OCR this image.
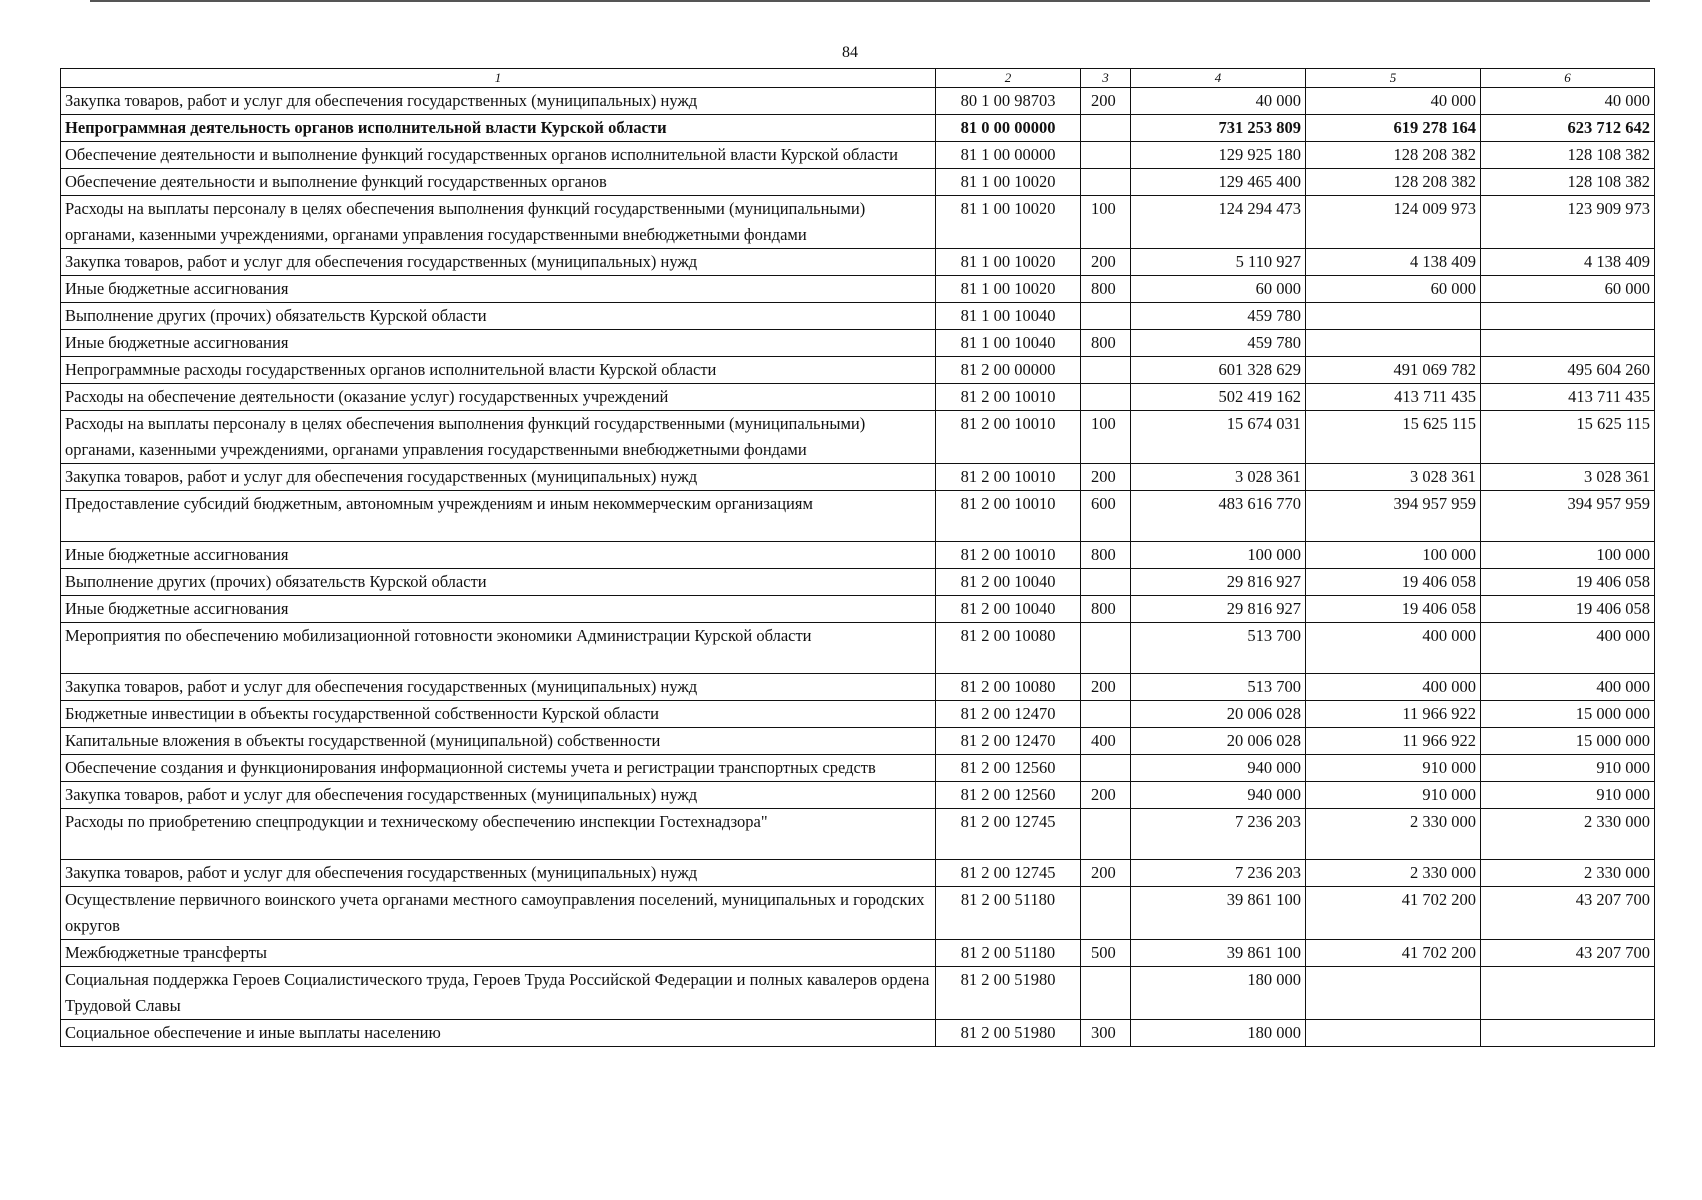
84
1	2	3	4	5	6
Закупка товаров, работ и услуг для обеспечения государственных (муниципальных) нужд	80 1 00 98703	200	40 000	40 000	40 000
Непрограммная деятельность органов исполнительной власти Курской области	81 0 00 00000		731 253 809	619 278 164	623 712 642
Обеспечение деятельности и выполнение функций государственных органов исполнительной власти Курской области	81 1 00 00000		129 925 180	128 208 382	128 108 382
Обеспечение деятельности и выполнение функций государственных органов	81 1 00 10020		129 465 400	128 208 382	128 108 382
Расходы на выплаты персоналу в целях обеспечения выполнения функций государственными (муниципальными) органами, казенными учреждениями, органами управления государственными внебюджетными фондами	81 1 00 10020	100	124 294 473	124 009 973	123 909 973
Закупка товаров, работ и услуг для обеспечения государственных (муниципальных) нужд	81 1 00 10020	200	5 110 927	4 138 409	4 138 409
Иные бюджетные ассигнования	81 1 00 10020	800	60 000	60 000	60 000
Выполнение других (прочих) обязательств Курской области	81 1 00 10040		459 780		
Иные бюджетные ассигнования	81 1 00 10040	800	459 780		
Непрограммные расходы государственных органов исполнительной власти Курской области	81 2 00 00000		601 328 629	491 069 782	495 604 260
Расходы на обеспечение деятельности (оказание услуг) государственных учреждений	81 2 00 10010		502 419 162	413 711 435	413 711 435
Расходы на выплаты персоналу в целях обеспечения выполнения функций государственными (муниципальными) органами, казенными учреждениями, органами управления государственными внебюджетными фондами	81 2 00 10010	100	15 674 031	15 625 115	15 625 115
Закупка товаров, работ и услуг для обеспечения государственных (муниципальных) нужд	81 2 00 10010	200	3 028 361	3 028 361	3 028 361
Предоставление субсидий бюджетным, автономным учреждениям и иным некоммерческим организациям	81 2 00 10010	600	483 616 770	394 957 959	394 957 959
Иные бюджетные ассигнования	81 2 00 10010	800	100 000	100 000	100 000
Выполнение других (прочих) обязательств Курской области	81 2 00 10040		29 816 927	19 406 058	19 406 058
Иные бюджетные ассигнования	81 2 00 10040	800	29 816 927	19 406 058	19 406 058
Мероприятия по обеспечению мобилизационной готовности экономики Администрации Курской области	81 2 00 10080		513 700	400 000	400 000
Закупка товаров, работ и услуг для обеспечения государственных (муниципальных) нужд	81 2 00 10080	200	513 700	400 000	400 000
Бюджетные инвестиции в объекты государственной собственности Курской области	81 2 00 12470		20 006 028	11 966 922	15 000 000
Капитальные вложения в объекты государственной (муниципальной) собственности	81 2 00 12470	400	20 006 028	11 966 922	15 000 000
Обеспечение создания и функционирования информационной системы учета и регистрации транспортных средств	81 2 00 12560		940 000	910 000	910 000
Закупка товаров, работ и услуг для обеспечения государственных (муниципальных) нужд	81 2 00 12560	200	940 000	910 000	910 000
Расходы по приобретению спецпродукции и техническому обеспечению инспекции Гостехнадзора"	81 2 00 12745		7 236 203	2 330 000	2 330 000
Закупка товаров, работ и услуг для обеспечения государственных (муниципальных) нужд	81 2 00 12745	200	7 236 203	2 330 000	2 330 000
Осуществление первичного воинского учета органами местного самоуправления поселений, муниципальных и городских округов	81 2 00 51180		39 861 100	41 702 200	43 207 700
Межбюджетные трансферты	81 2 00 51180	500	39 861 100	41 702 200	43 207 700
Социальная поддержка Героев Социалистического труда, Героев Труда Российской Федерации и полных кавалеров ордена Трудовой Славы	81 2 00 51980		180 000		
Социальное обеспечение и иные выплаты населению	81 2 00 51980	300	180 000		
